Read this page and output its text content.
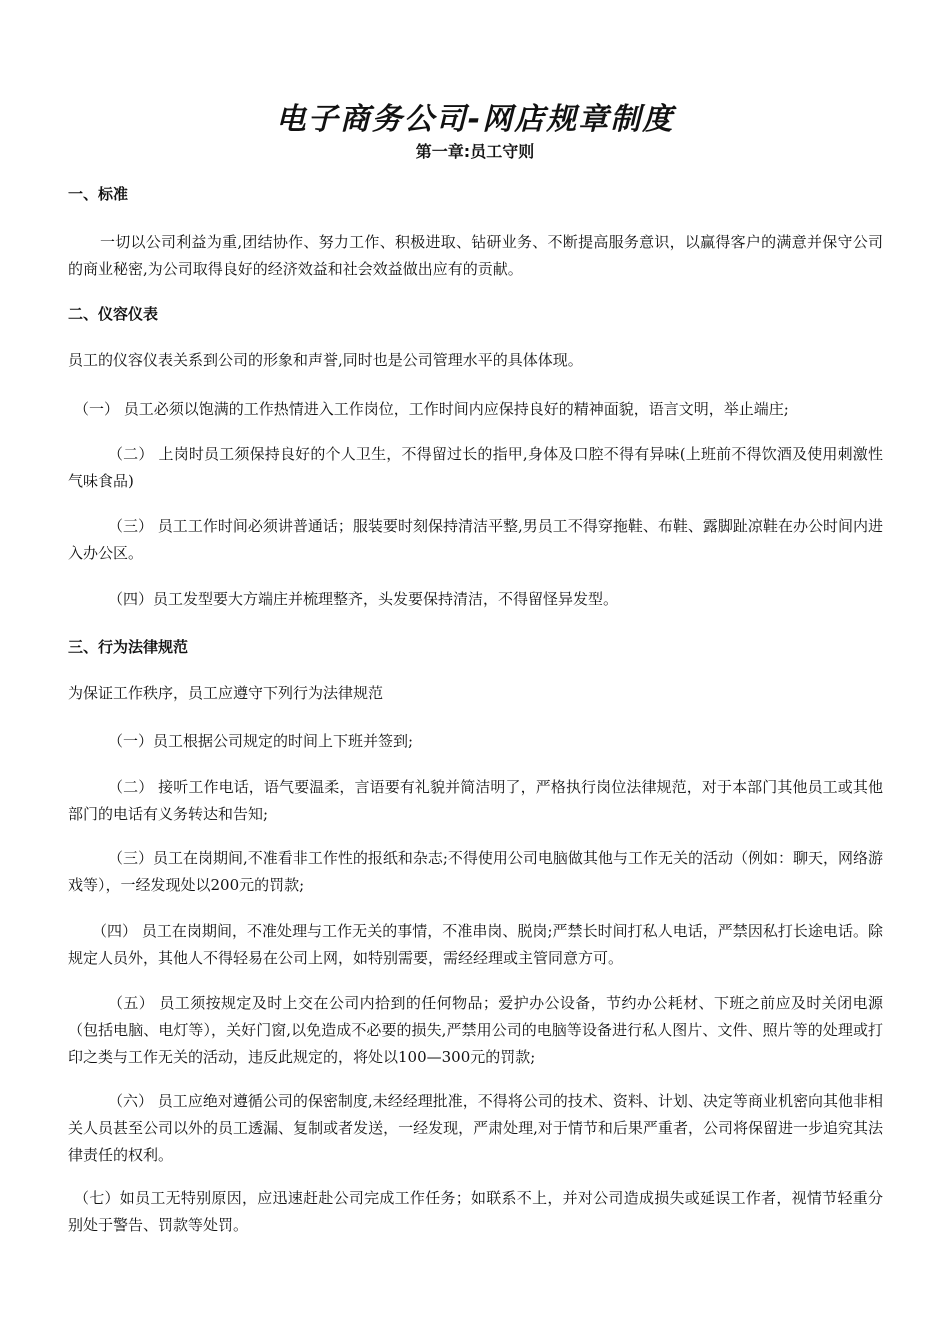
电子商务公司-网店规章制度
第一章:员工守则
一、标准

一切以公司利益为重,团结协作、努力工作、积极进取、钻研业务、不断提高服务意识，以赢得客户的满意并保守公司的商业秘密,为公司取得良好的经济效益和社会效益做出应有的贡献。

二、仪容仪表

员工的仪容仪表关系到公司的形象和声誉,同时也是公司管理水平的具体体现。

（一） 员工必须以饱满的工作热情进入工作岗位，工作时间内应保持良好的精神面貌，语言文明，举止端庄;

（二） 上岗时员工须保持良好的个人卫生，不得留过长的指甲,身体及口腔不得有异味(上班前不得饮酒及使用刺激性气味食品)

（三） 员工工作时间必须讲普通话；服装要时刻保持清洁平整,男员工不得穿拖鞋、布鞋、露脚趾凉鞋在办公时间内进入办公区。

（四）员工发型要大方端庄并梳理整齐，头发要保持清洁，不得留怪异发型。

三、行为法律规范

为保证工作秩序，员工应遵守下列行为法律规范

（一）员工根据公司规定的时间上下班并签到;

（二） 接听工作电话，语气要温柔，言语要有礼貌并简洁明了，严格执行岗位法律规范，对于本部门其他员工或其他部门的电话有义务转达和告知;

（三）员工在岗期间,不准看非工作性的报纸和杂志;不得使用公司电脑做其他与工作无关的活动（例如：聊天，网络游戏等），一经发现处以200元的罚款;

（四） 员工在岗期间，不准处理与工作无关的事情，不准串岗、脱岗;严禁长时间打私人电话，严禁因私打长途电话。除规定人员外，其他人不得轻易在公司上网，如特别需要，需经经理或主管同意方可。

（五） 员工须按规定及时上交在公司内拾到的任何物品；爱护办公设备，节约办公耗材、下班之前应及时关闭电源（包括电脑、电灯等），关好门窗,以免造成不必要的损失,严禁用公司的电脑等设备进行私人图片、文件、照片等的处理或打印之类与工作无关的活动，违反此规定的，将处以100—300元的罚款;

（六） 员工应绝对遵循公司的保密制度,未经经理批准，不得将公司的技术、资料、计划、决定等商业机密向其他非相关人员甚至公司以外的员工透漏、复制或者发送，一经发现，严肃处理,对于情节和后果严重者，公司将保留进一步追究其法律责任的权利。

（七）如员工无特别原因，应迅速赶赴公司完成工作任务；如联系不上，并对公司造成损失或延误工作者，视情节轻重分别处于警告、罚款等处罚。
